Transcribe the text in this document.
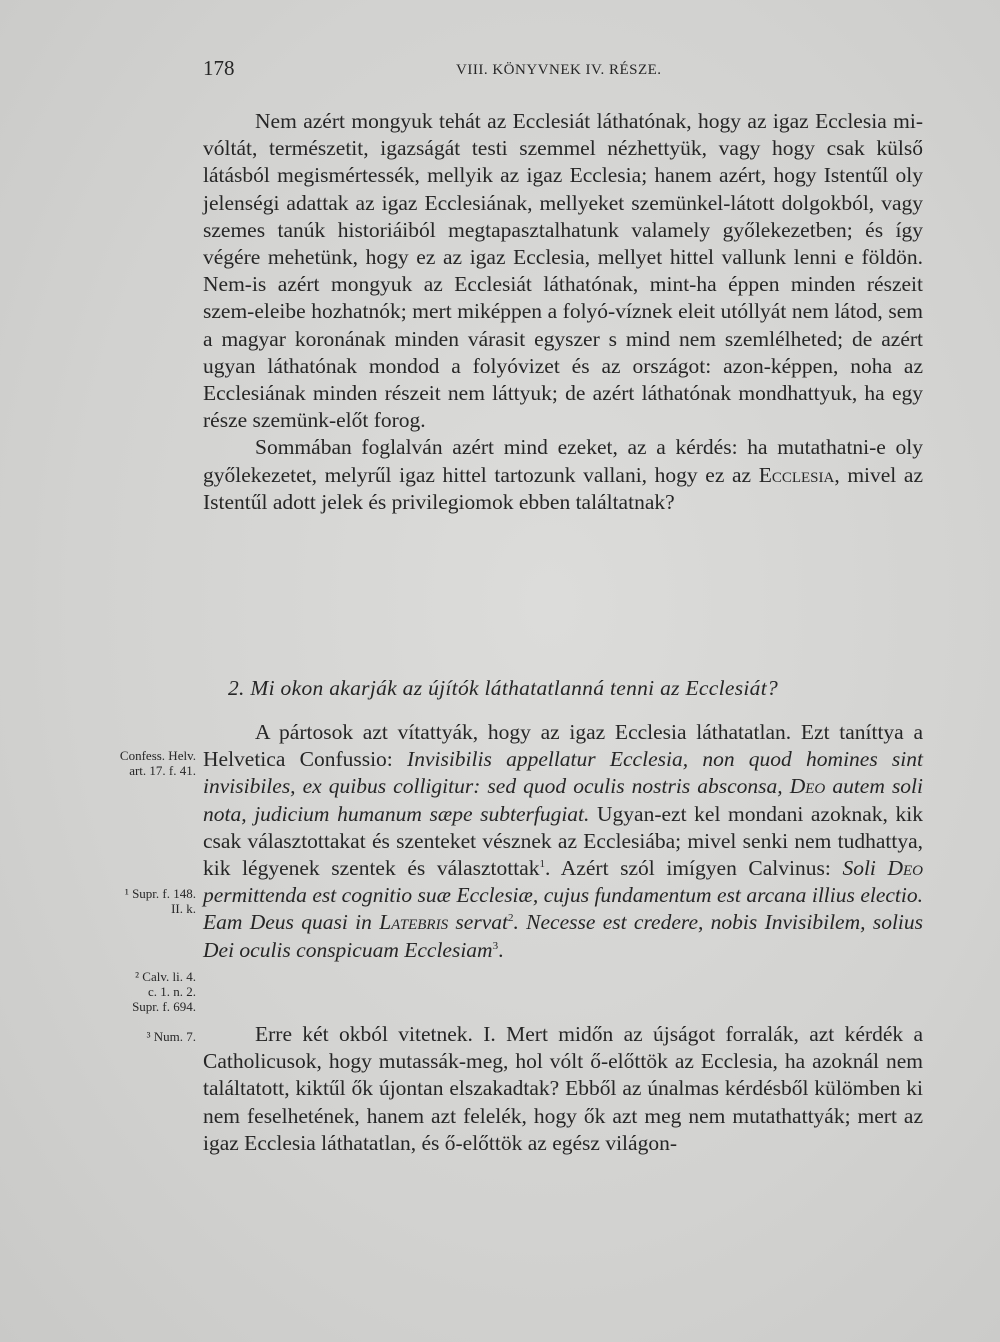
178	VIII. KÖNYVNEK IV. RÉSZE.

Nem azért mongyuk tehát az Ecclesiát láthatónak, hogy az igaz Ecclesia mi-vóltát, természetit, igazságát testi szemmel nézhettyük, vagy hogy csak külső látásból megismértessék, mellyik az igaz Ecclesia; hanem azért, hogy Istentűl oly jelenségi adattak az igaz Ecclesiának, mellyeket szemünkel-látott dolgokból, vagy szemes tanúk historiáiból megtapasztalhatunk valamely győlekezetben; és így végére mehetünk, hogy ez az igaz Ecclesia, mellyet hittel vallunk lenni e földön. Nem-is azért mongyuk az Ecclesiát láthatónak, mint-ha éppen minden részeit szem-eleibe hozhatnók; mert miképpen a folyó-víznek eleit utóllyát nem látod, sem a magyar koronának minden várasit egyszer s mind nem szemlélheted; de azért ugyan láthatónak mondod a folyóvizet és az országot: azon-képpen, noha az Ecclesiának minden részeit nem láttyuk; de azért láthatónak mondhattyuk, ha egy része szemünk-előt forog.

Sommában foglalván azért mind ezeket, az a kérdés: ha mutathatni-e oly győlekezetet, melyrűl igaz hittel tartozunk vallani, hogy ez az Ecclesia, mivel az Istentűl adott jelek és privilegiomok ebben találtatnak?

2. Mi okon akarják az újítók láthatatlanná tenni az Ecclesiát?

A pártosok azt vítattyák, hogy az igaz Ecclesia láthatatlan. Ezt taníttya a Helvetica Confussio: Invisibilis appellatur Ecclesia, non quod homines sint invisibiles, ex quibus colligitur: sed quod oculis nostris absconsa, Deo autem soli nota, judicium humanum sæpe subterfugiat. Ugyan-ezt kel mondani azoknak, kik csak választottakat és szenteket vésznek az Ecclesiába; mivel senki nem tudhattya, kik légyenek szentek és választottak$^1$. Azért szól imígyen Calvinus: Soli Deo permittenda est cognitio suæ Ecclesiæ, cujus fundamentum est arcana illius electio. Eam Deus quasi in Latebris servat$^2$. Necesse est credere, nobis Invisibilem, solius Dei oculis conspicuam Ecclesiam$^3$.

Erre két okból vitetnek. I. Mert midőn az újságot forralák, azt kérdék a Catholicusok, hogy mutassák-meg, hol vólt ő-előttök az Ecclesia, ha azoknál nem találtatott, kiktűl ők újontan elszakadtak? Ebből az únalmas kérdésből külömben ki nem feselhetének, hanem azt felelék, hogy ők azt meg nem mutathattyák; mert az igaz Ecclesia láthatatlan, és ő-előttök az egész világon-

Confess. Helv.
art. 17. f. 41.
¹ Supr. f. 148.
II. k.
² Calv. li. 4.
c. 1. n. 2.
Supr. f. 694.
³ Num. 7.
